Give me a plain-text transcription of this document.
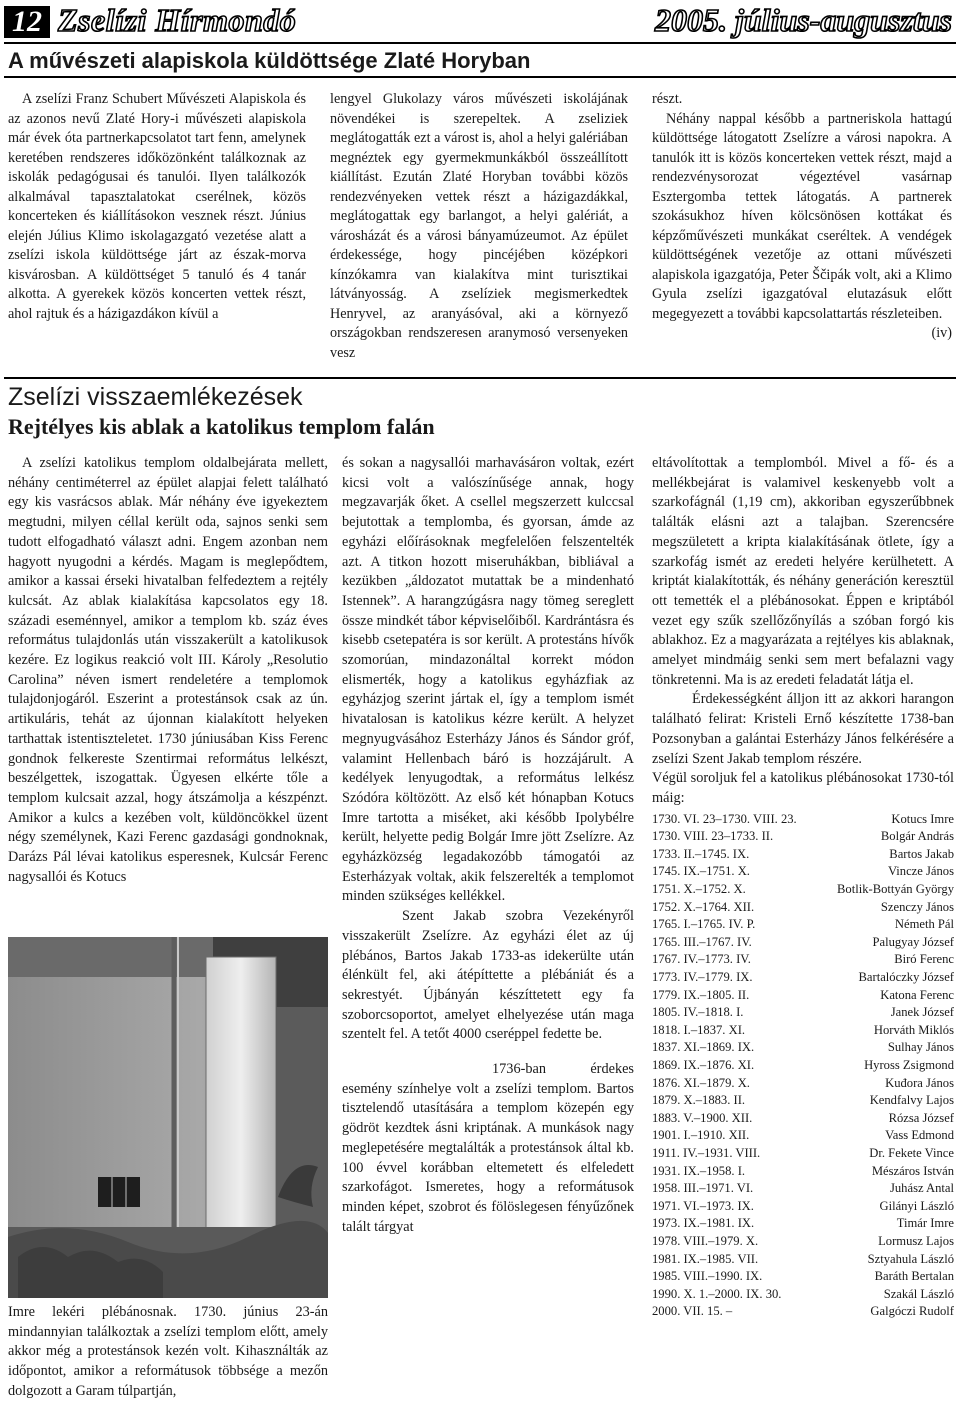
12 Zselízi Hírmondó	2005. július-augusztus
A művészeti alapiskola küldöttsége Zlaté Horyban

A zselízi Franz Schubert Művészeti Alapiskola és az azonos nevű Zlaté Hory-i művészeti alapiskola már évek óta partnerkapcsolatot tart fenn, amelynek keretében rendszeres időközönként találkoznak az iskolák pedagógusai és tanulói. Ilyen találkozók alkalmával tapasztalatokat cserélnek, közös koncerteken és kiállításokon vesznek részt. Június elején Július Klimo iskolagazgató vezetése alatt a zselízi iskola küldöttsége járt az észak-morva kisvárosban. A küldöttséget 5 tanuló és 4 tanár alkotta. A gyerekek közös koncerten vettek részt, ahol rajtuk és a házigazdákon kívül a

lengyel Glukolazy város művészeti iskolájának növendékei is szerepeltek. A zseliziek meglátogatták ezt a várost is, ahol a helyi galériában megnéztek egy gyermekmunkákból összeállított kiállítást. Ezután Zlaté Horyban további közös rendezvényeken vettek részt a házigazdákkal, meglátogattak egy barlangot, a helyi galériát, a városházát és a városi bányamúzeumot. Az épület érdekessége, hogy pincéjében középkori kínzókamra van kialakítva mint turisztikai látványosság. A zselíziek megismerkedtek Henryvel, az aranyásóval, aki a környező országokban rendszeresen aranymosó versenyeken vesz

részt.

Néhány nappal később a partneriskola hattagú küldöttsége látogatott Zselízre a városi napokra. A tanulók itt is közös koncerteken vettek részt, majd a rendezvénysorozat végeztével vasárnap Esztergomba tettek látogatás. A partnerek szokásukhoz híven kölcsönösen kottákat és képzőművészeti munkákat cseréltek. A vendégek küldöttségének vezetője az ottani művészeti alapiskola igazgatója, Peter Ščipák volt, aki a Klimo Gyula zselízi igazgatóval elutazásuk előtt megegyezett a további kapcsolattartás részleteiben.
(iv)

Zselízi visszaemlékezések
Rejtélyes kis ablak a katolikus templom falán

A zselízi katolikus templom oldalbejárata mellett, néhány centiméterrel az épület alapjai felett található egy kis vasrácsos ablak. Már néhány éve igyekeztem megtudni, milyen céllal került oda, sajnos senki sem tudott elfogadható választ adni. Engem azonban nem hagyott nyugodni a kérdés. Magam is meglepődtem, amikor a kassai érseki hivatalban felfedeztem a rejtély kulcsát. Az ablak kialakítása kapcsolatos egy 18. századi eseménnyel, amikor a templom kb. száz éves református tulajdonlás után visszakerült a katolikusok kezére. Ez logikus reakció volt III. Károly „Resolutio Carolina” néven ismert rendeletére a templomok tulajdonjogáról. Eszerint a protestánsok csak az ún. artikuláris, tehát az újonnan kialakított helyeken tarthattak istentiszteletet. 1730 júniusában Kiss Ferenc gondnok felkereste Szentirmai református lelkészt, beszélgettek, iszogattak. Ügyesen elkérte tőle a templom kulcsait azzal, hogy átszámolja a készpénzt. Amikor a kulcs a kezében volt, küldöncökkel üzent négy személynek, Kazi Ferenc gazdasági gondnoknak, Darázs Pál lévai katolikus esperesnek, Kulcsár Ferenc nagysallói és Kotucs

Imre lekéri plébánosnak. 1730. június 23-án mindannyian találkoztak a zselízi templom előtt, amely akkor még a protestánsok kezén volt. Kihasználták az időpontot, amikor a reformátusok többsége a mezőn dolgozott a Garam túlpartján,

és sokan a nagysallói marhavásáron voltak, ezért kicsi volt a valószínűsége annak, hogy megzavarják őket. A csellel megszerzett kulccsal bejutottak a templomba, és gyorsan, ámde az egyházi előírásoknak megfelelően felszentelték azt. A titkon hozott miseruhákban, bibliával a kezükben „áldozatot mutattak be a mindenható Istennek”. A harangzúgásra nagy tömeg sereglett össze mindkét tábor képviselőiből. Kardrántásra és kisebb csetepatéra is sor került. A protestáns hívők szomorúan, mindazonáltal korrekt módon elismerték, hogy a katolikus egyházfiak az egyházjog szerint jártak el, így a templom ismét hivatalosan is katolikus kézre került. A helyzet megnyugvásához Esterházy János és Sándor gróf, valamint Hellenbach báró is hozzájárult. A kedélyek lenyugodtak, a református lelkész Szódóra költözött. Az első két hónapban Kotucs Imre tartotta a miséket, aki később Ipolybélre került, helyette pedig Bolgár Imre jött Zselízre. Az egyházközség legadakozóbb támogatói az Esterházyak voltak, akik felszerelték a templomot minden szükséges kellékkel.

Szent Jakab szobra Vezekényről visszakerült Zselízre. Az egyházi élet az új plébános, Bartos Jakab 1733-as idekerülte után élénkült fel, aki átépíttette a plébániát és a sekrestyét. Újbányán készíttetett egy fa szoborcsoportot, amelyet elhelyezése után maga szentelt fel. A tetőt 4000 cseréppel fedette be.

1736-ban érdekes esemény színhelye volt a zselízi templom. Bartos tisztelendő utasítására a templom közepén egy gödröt kezdtek ásni kriptának. A munkások nagy meglepetésére megtalálták a protestánsok által kb. 100 évvel korábban eltemetett és elfeledett szarkofágot. Ismeretes, hogy a reformátusok minden képet, szobrot és fölöslegesen fényűzőnek talált tárgyat

eltávolítottak a templomból. Mivel a fő- és a mellékbejárat is valamivel keskenyebb volt a szarkofágnál (1,19 cm), akkoriban egyszerűbbnek találták elásni azt a talajban. Szerencsére megszületett a kripta kialakításának ötlete, így a szarkofág ismét az eredeti helyére kerülhetett. A kriptát kialakították, és néhány generáción keresztül ott temették el a plébánosokat. Éppen e kriptából vezet egy szűk szellőzőnyílás a szóban forgó kis ablakhoz. Ez a magyarázata a rejtélyes kis ablaknak, amelyet mindmáig senki sem mert befalazni vagy tönkretenni. Ma is az eredeti feladatát látja el.

Érdekességként álljon itt az akkori harangon található felirat: Kristeli Ernő készítette 1738-ban Pozsonyban a galántai Esterházy János felkérésére a zselízi Szent Jakab templom részére.

Végül soroljuk fel a katolikus plébánosokat 1730-tól máig:

1730. VI. 23–1730. VIII. 23.	Kotucs Imre
1730. VIII. 23–1733. II.	Bolgár András
1733. II.–1745. IX.	Bartos Jakab
1745. IX.–1751. X.	Vincze János
1751. X.–1752. X.	Botlik-Bottyán György
1752. X.–1764. XII.	Szenczy János
1765. I.–1765. IV. P.	Németh Pál
1765. III.–1767. IV.	Palugyay József
1767. IV.–1773. IV.	Biró Ferenc
1773. IV.–1779. IX.	Bartalóczky József
1779. IX.–1805. II.	Katona Ferenc
1805. IV.–1818. I.	Janek József
1818. I.–1837. XI.	Horváth Miklós
1837. XI.–1869. IX.	Sulhay János
1869. IX.–1876. XI.	Hyross Zsigmond
1876. XI.–1879. X.	Kuđora János
1879. X.–1883. II.	Kendfalvy Lajos
1883. V.–1900. XII.	Rózsa József
1901. I.–1910. XII.	Vass Edmond
1911. IV.–1931. VIII.	Dr. Fekete Vince
1931. IX.–1958. I.	Mészáros István
1958. III.–1971. VI.	Juhász Antal
1971. VI.–1973. IX.	Gilányi László
1973. IX.–1981. IX.	Timár Imre
1978. VIII.–1979. X.	Lormusz Lajos
1981. IX.–1985. VII.	Sztyahula László
1985. VIII.–1990. IX.	Baráth Bertalan
1990. X. 1.–2000. IX. 30.	Szakál László
2000. VII. 15. –	Galgóczi Rudolf
